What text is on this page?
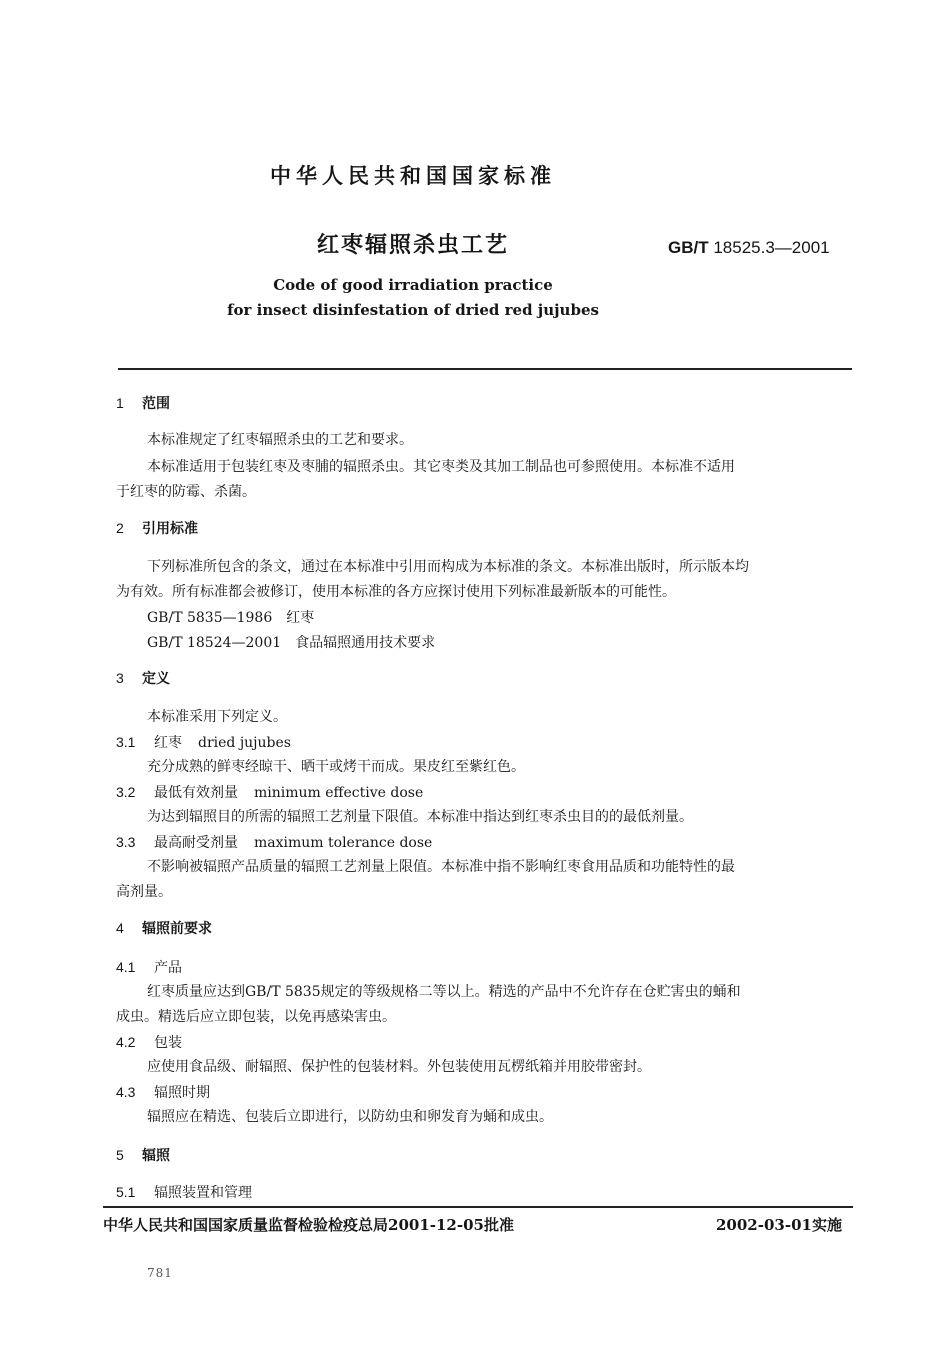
中华人民共和国国家标准
红枣辐照杀虫工艺	GB/T 18525.3—2001
Code of good irradiation practice
for insect disinfestation of dried red jujubes
1 范围
本标准规定了红枣辐照杀虫的工艺和要求。
本标准适用于包装红枣及枣脯的辐照杀虫。其它枣类及其加工制品也可参照使用。本标准不适用
于红枣的防霉、杀菌。
2 引用标准
下列标准所包含的条文，通过在本标准中引用而构成为本标准的条文。本标准出版时，所示版本均
为有效。所有标准都会被修订，使用本标准的各方应探讨使用下列标准最新版本的可能性。
GB/T 5835—1986 红枣
GB/T 18524—2001 食品辐照通用技术要求
3 定义
本标准采用下列定义。
3.1 红枣 dried jujubes
充分成熟的鲜枣经晾干、晒干或烤干而成。果皮红至紫红色。
3.2 最低有效剂量 minimum effective dose
为达到辐照目的所需的辐照工艺剂量下限值。本标准中指达到红枣杀虫目的的最低剂量。
3.3 最高耐受剂量 maximum tolerance dose
不影响被辐照产品质量的辐照工艺剂量上限值。本标准中指不影响红枣食用品质和功能特性的最
高剂量。
4 辐照前要求
4.1 产品
红枣质量应达到GB/T 5835规定的等级规格二等以上。精选的产品中不允许存在仓贮害虫的蛹和
成虫。精选后应立即包装，以免再感染害虫。
4.2 包装
应使用食品级、耐辐照、保护性的包装材料。外包装使用瓦楞纸箱并用胶带密封。
4.3 辐照时期
辐照应在精选、包装后立即进行，以防幼虫和卵发育为蛹和成虫。
5 辐照
5.1 辐照装置和管理
中华人民共和国国家质量监督检验检疫总局2001-12-05批准	2002-03-01实施
781
